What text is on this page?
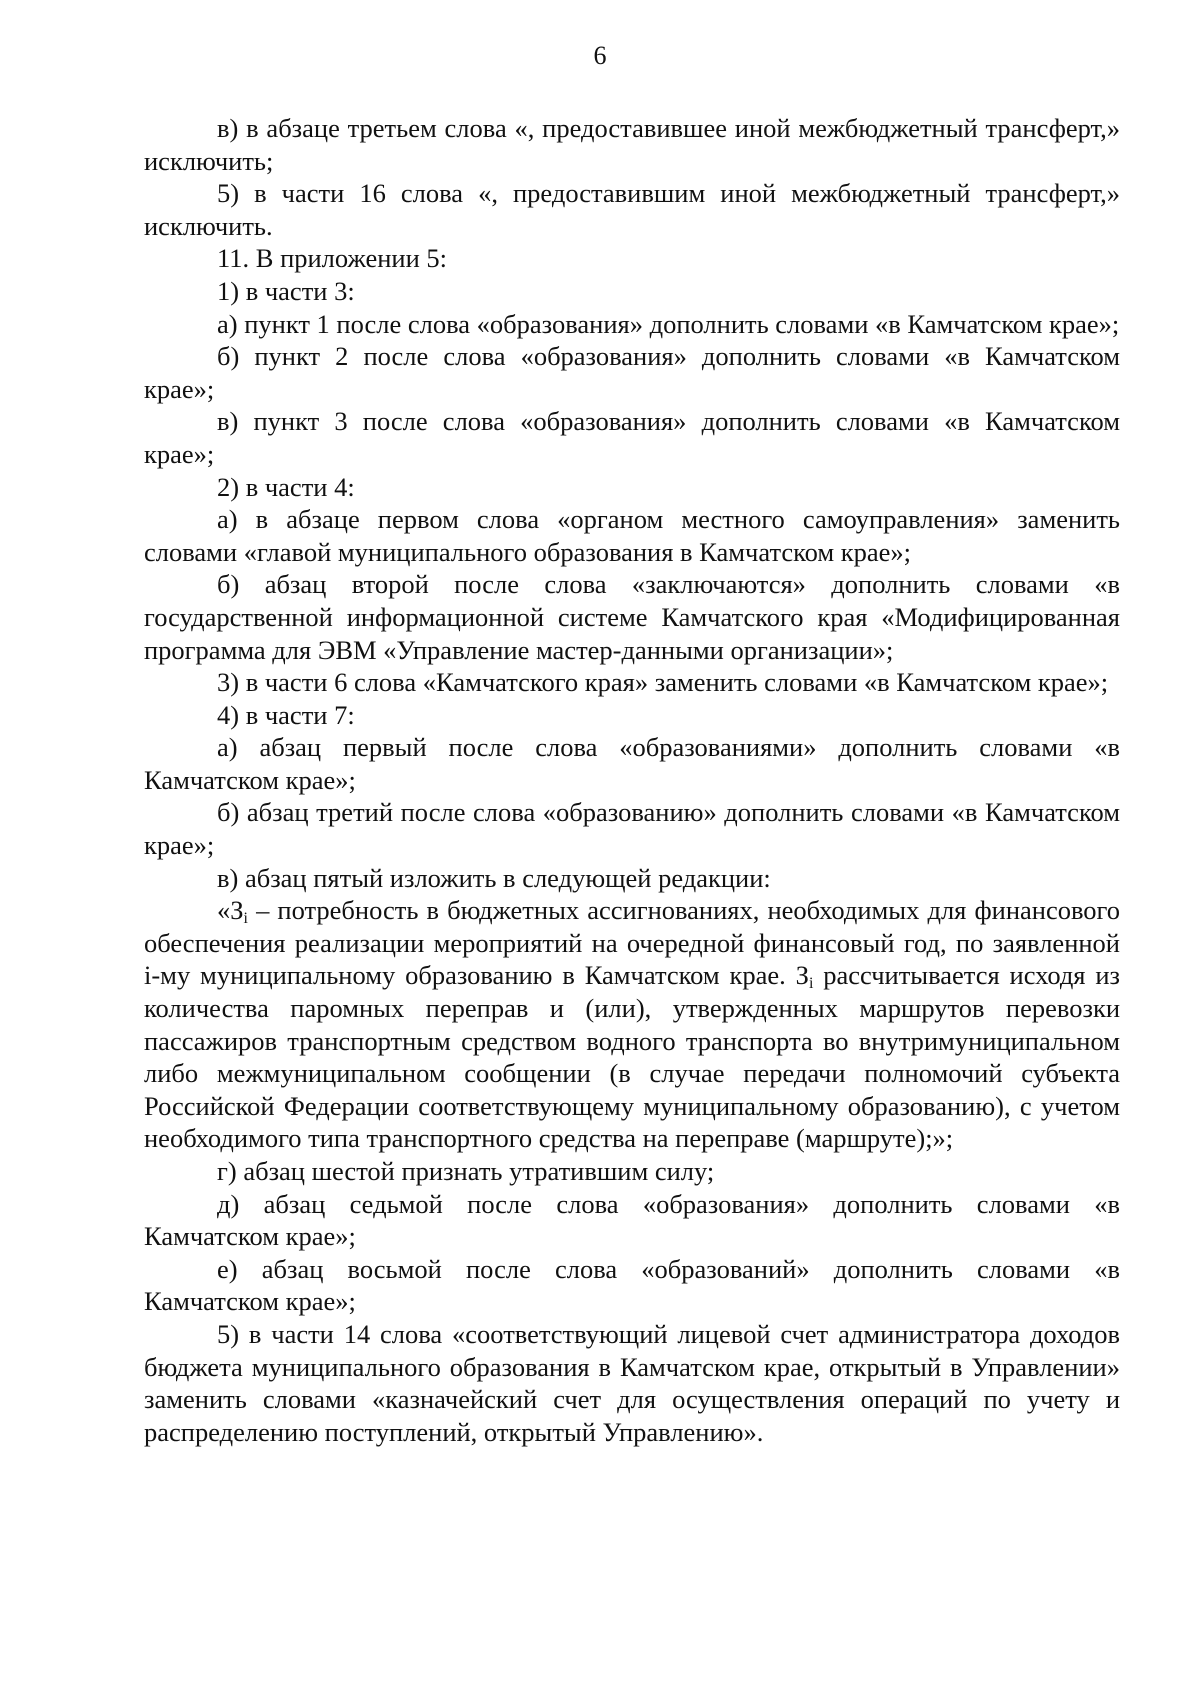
6

в) в абзаце третьем слова «, предоставившее иной межбюджетный трансферт,» исключить;

5) в части 16 слова «, предоставившим иной межбюджетный трансферт,» исключить.

11. В приложении 5:

1) в части 3:

а) пункт 1 после слова «образования» дополнить словами «в Камчатском крае»;

б) пункт 2 после слова «образования» дополнить словами «в Камчатском крае»;

в) пункт 3 после слова «образования» дополнить словами «в Камчатском крае»;

2) в части 4:

а) в абзаце первом слова «органом местного самоуправления» заменить словами «главой муниципального образования в Камчатском крае»;

б) абзац второй после слова «заключаются» дополнить словами «в государственной информационной системе Камчатского края «Модифицированная программа для ЭВМ «Управление мастер-данными организации»;

3) в части 6 слова «Камчатского края» заменить словами «в Камчатском крае»;

4) в части 7:

а) абзац первый после слова «образованиями» дополнить словами «в Камчатском крае»;

б) абзац третий после слова «образованию» дополнить словами «в Камчатском крае»;

в) абзац пятый изложить в следующей редакции:

«$З_i$ – потребность в бюджетных ассигнованиях, необходимых для финансового обеспечения реализации мероприятий на очередной финансовый год, по заявленной i-му муниципальному образованию в Камчатском крае. $З_i$ рассчитывается исходя из количества паромных переправ и (или), утвержденных маршрутов перевозки пассажиров транспортным средством водного транспорта во внутримуниципальном либо межмуниципальном сообщении (в случае передачи полномочий субъекта Российской Федерации соответствующему муниципальному образованию), с учетом необходимого типа транспортного средства на переправе (маршруте);»;

г) абзац шестой признать утратившим силу;

д) абзац седьмой после слова «образования» дополнить словами «в Камчатском крае»;

е) абзац восьмой после слова «образований» дополнить словами «в Камчатском крае»;

5) в части 14 слова «соответствующий лицевой счет администратора доходов бюджета муниципального образования в Камчатском крае, открытый в Управлении» заменить словами «казначейский счет для осуществления операций по учету и распределению поступлений, открытый Управлению».
